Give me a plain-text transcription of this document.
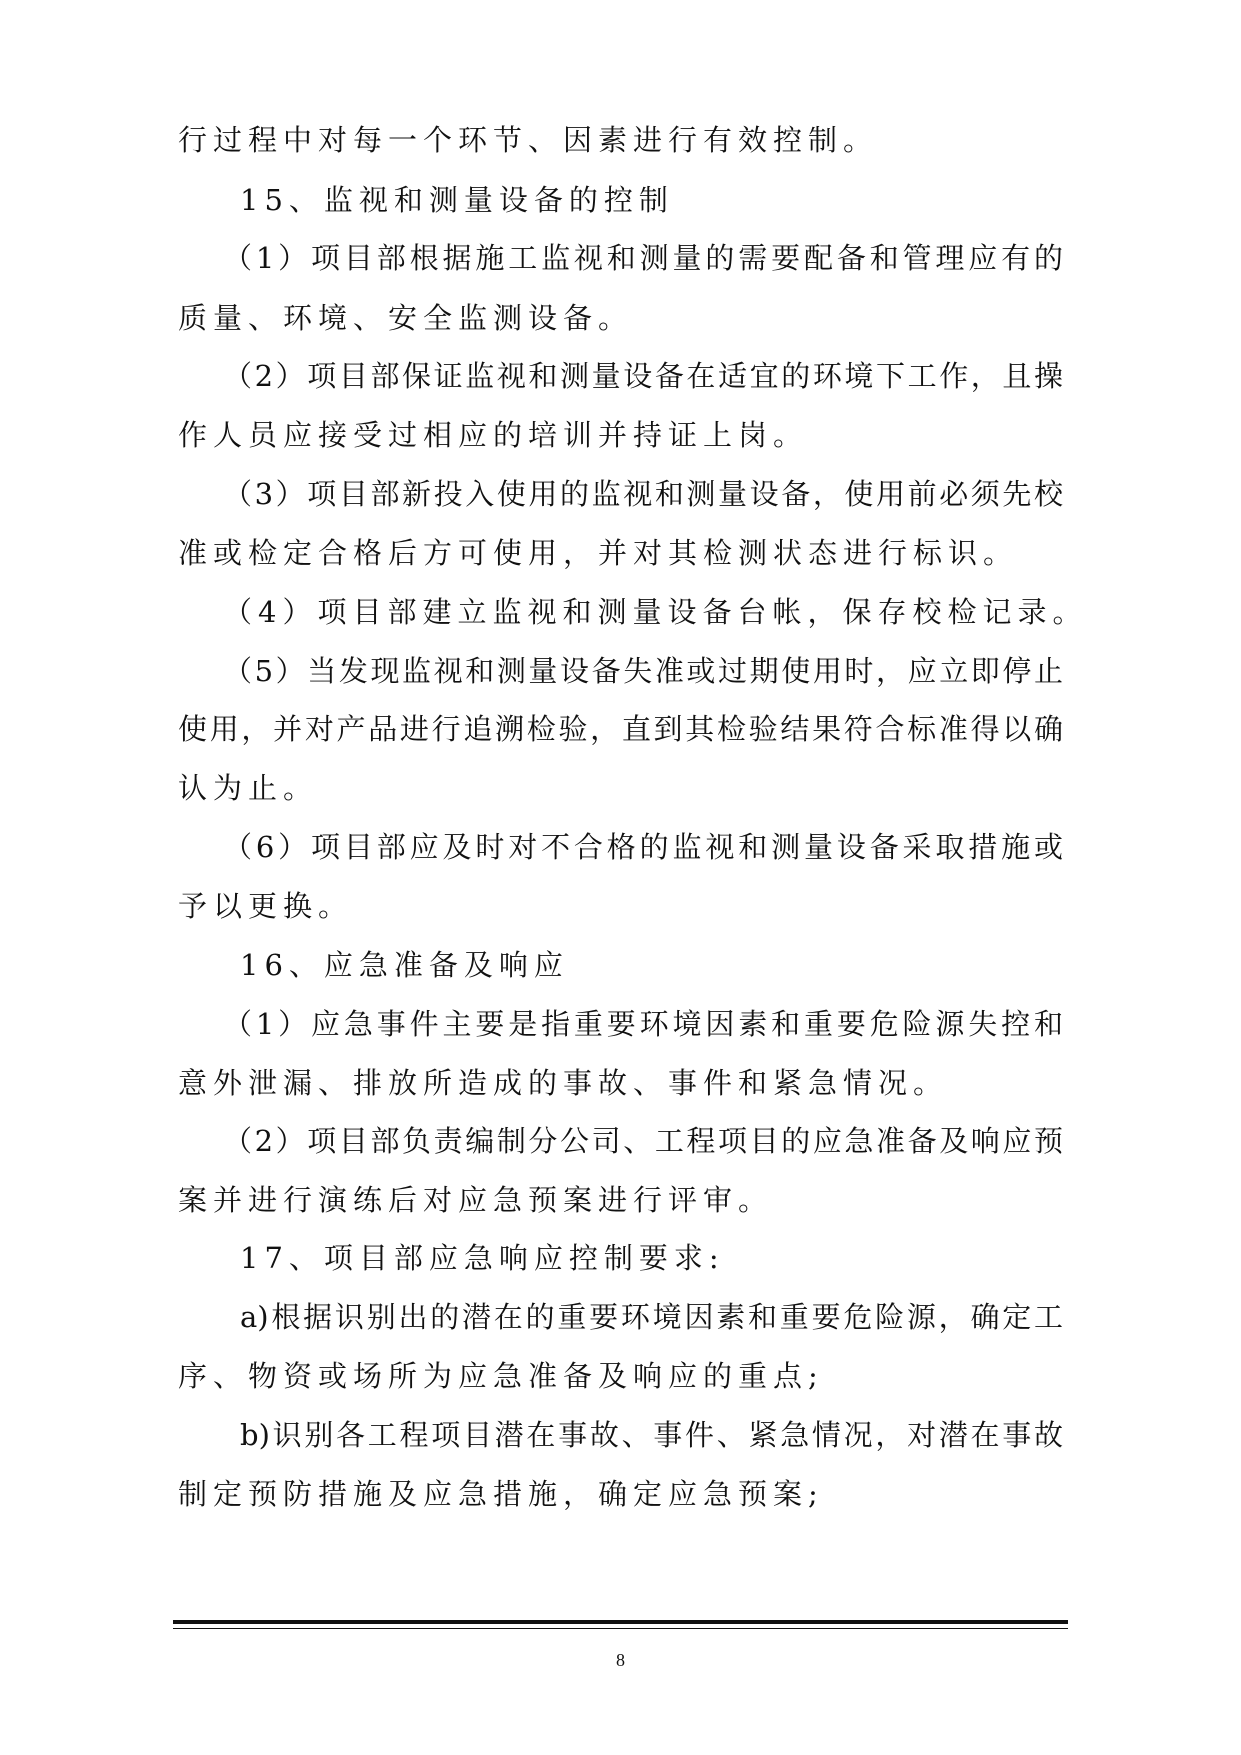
行过程中对每一个环节、因素进行有效控制。
15、监视和测量设备的控制
（1）项目部根据施工监视和测量的需要配备和管理应有的
质量、环境、安全监测设备。
（2）项目部保证监视和测量设备在适宜的环境下工作，且操
作人员应接受过相应的培训并持证上岗。
（3）项目部新投入使用的监视和测量设备，使用前必须先校
准或检定合格后方可使用，并对其检测状态进行标识。
（4）项目部建立监视和测量设备台帐，保存校检记录。
（5）当发现监视和测量设备失准或过期使用时，应立即停止
使用，并对产品进行追溯检验，直到其检验结果符合标准得以确
认为止。
（6）项目部应及时对不合格的监视和测量设备采取措施或
予以更换。
16、应急准备及响应
（1）应急事件主要是指重要环境因素和重要危险源失控和
意外泄漏、排放所造成的事故、事件和紧急情况。
（2）项目部负责编制分公司、工程项目的应急准备及响应预
案并进行演练后对应急预案进行评审。
17、项目部应急响应控制要求:
a)根据识别出的潜在的重要环境因素和重要危险源，确定工
序、物资或场所为应急准备及响应的重点;
b)识别各工程项目潜在事故、事件、紧急情况，对潜在事故
制定预防措施及应急措施，确定应急预案;
8
